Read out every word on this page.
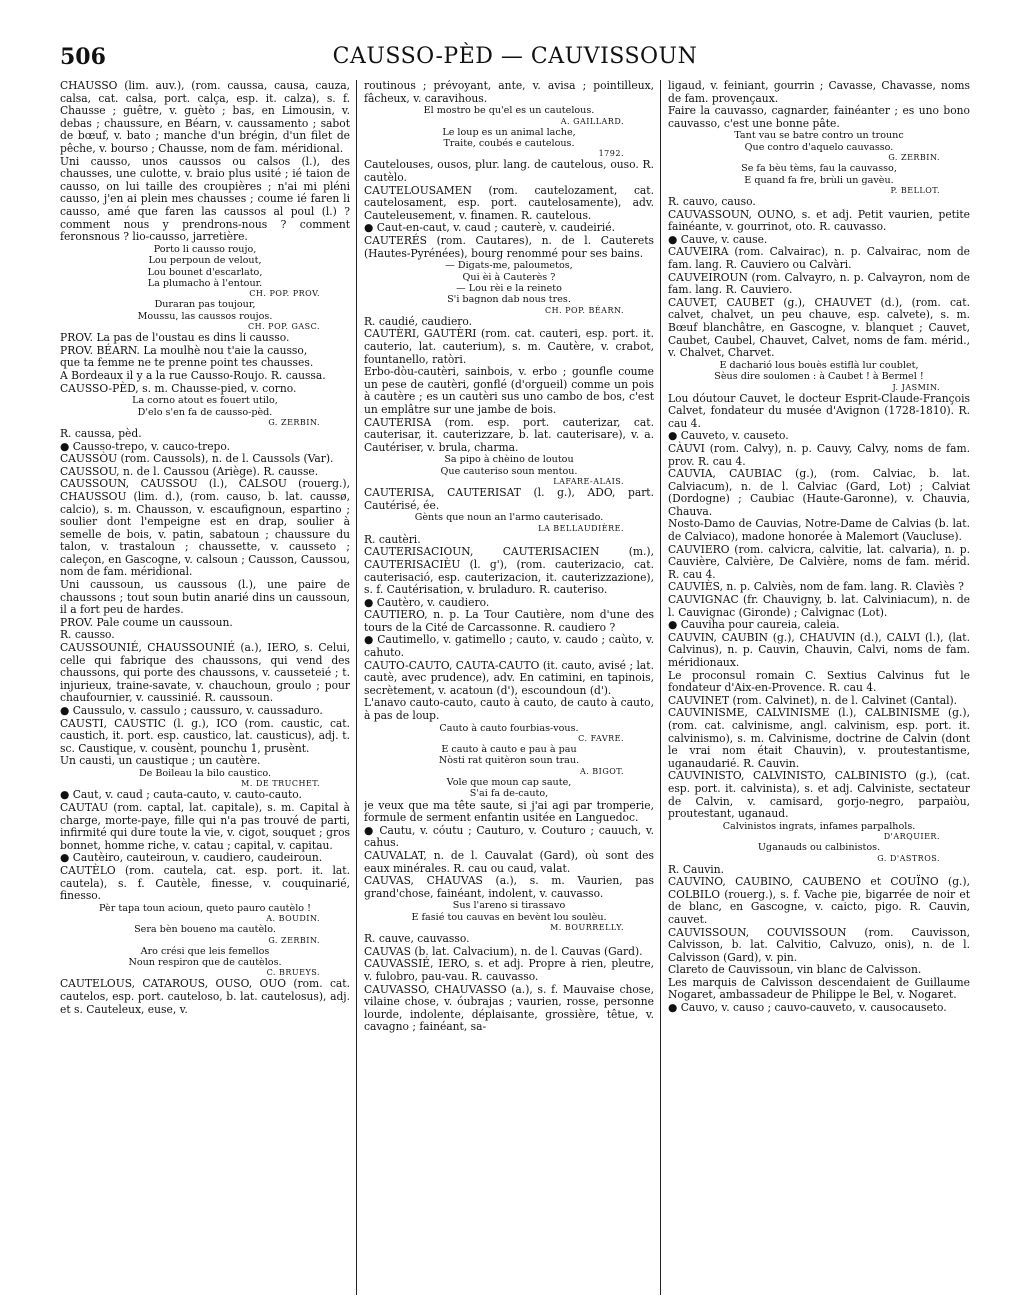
506	CAUSSO-PÈD — CAUVISSOUN
CHAUSSO (lim. auv.), (rom. caussa, causa, cauza, calsa, cat. calsa, port. calça, esp. it. calza), s. f. Chausse ; guêtre, v. guèto ; bas, en Limousin, v. debas ; chaussure, en Béarn, v. caussamento ; sabot de bœuf, v. bato ; manche d'un brégin, d'un filet de pêche, v. bourso ; Chausse, nom de fam. méridional.
Uni causso, unos caussos ou calsos (l.), des chausses, une culotte, v. braio plus usité ; ié taion de causso, on lui taille des croupières ; n'ai mi pléni causso, j'en ai plein mes chausses ; coume ié faren li causso, amé que faren las caussos al poul (l.) ? comment nous y prendrons-nous ? comment feronsnous ? lio-causso, jarretière.
Porto li causso roujo,
Lou perpoun de velout,
Lou bounet d'escarlato,
La plumacho à l'entour.
CH. POP. PROV.
Duraran pas toujour,
Moussu, las caussos roujos.
CH. POP. GASC.
PROV. La pas de l'oustau es dins li causso.
PROV. BÉARN. La moulhè nou t'aie la causso,
que ta femme ne te prenne point tes chausses.
A Bordeaux il y a la rue Causso-Roujo. R. caussa.
CAUSSO-PÈD, s. m. Chausse-pied, v. corno.
La corno atout es fouert utilo,
D'elo s'en fa de causso-pèd.
G. ZERBIN.
R. caussa, pèd.
● Causso-trepo, v. cauco-trepo.
CAUSSÒU (rom. Caussols), n. de l. Caussols (Var).
CAUSSOU, n. de l. Caussou (Ariège). R. causse.
CAUSSOUN, CAUSSOU (l.), CALSOU (rouerg.), CHAUSSOU (lim. d.), (rom. causo, b. lat. caussø, calcio), s. m. Chausson, v. escaufignoun, espartino ; soulier dont l'empeigne est en drap, soulier à semelle de bois, v. patin, sabatoun ; chaussure du talon, v. trastaloun ; chaussette, v. causseto ; caleçon, en Gascogne, v. calsoun ; Causson, Caussou, nom de fam. méridional.
Uni caussoun, us caussous (l.), une paire de chaussons ; tout soun butin anarié dins un caussoun, il a fort peu de hardes.
PROV. Pale coume un caussoun.
R. causso.
CAUSSOUNIÉ, CHAUSSOUNIÉ (a.), IERO, s. Celui, celle qui fabrique des chaussons, qui vend des chaussons, qui porte des chaussons, v. causseteié ; t. injurieux, traine-savate, v. chauchoun, groulo ; pour chaufournier, v. caussinié. R. caussoun.
● Caussulo, v. cassulo ; caussuro, v. caussaduro.
CAUSTI, CAUSTIC (l. g.), ICO (rom. caustic, cat. caustich, it. port. esp. caustico, lat. causticus), adj. t. sc. Caustique, v. cousènt, pounchu 1, prusènt.
Un causti, un caustique ; un cautère.
De Boileau la bilo caustico.
M. DE TRUCHET.
● Caut, v. caud ; cauta-cauto, v. cauto-cauto.
CAUTAU (rom. captal, lat. capitale), s. m. Capital à charge, morte-paye, fille qui n'a pas trouvé de parti, infirmité qui dure toute la vie, v. cigot, souquet ; gros bonnet, homme riche, v. catau ; capital, v. capitau.
● Cautèiro, cauteiroun, v. caudiero, caudeiroun.
CAUTÈLO (rom. cautela, cat. esp. port. it. lat. cautela), s. f. Cautèle, finesse, v. couquinarié, finesso.
Pèr tapa toun acioun, queto pauro cautèlo !
A. BOUDIN.
Sera bèn boueno ma cautèlo.
G. ZERBIN.
Aro crési que leis femellos
Noun respiron que de cautèlos.
C. BRUEYS.
CAUTELOUS, CATAROUS, OUSO, OUO (rom. cat. cautelos, esp. port. cauteloso, b. lat. cautelosus), adj. et s. Cauteleux, euse, v.
routinous ; prévoyant, ante, v. avisa ; pointilleux, fâcheux, v. caravihous.
El mostro be qu'el es un cautelous.
A. GAILLARD.
Le loup es un animal lache,
Traite, coubés e cautelous.
1792.
Cautelouses, ousos, plur. lang. de cautelous, ouso. R. cautèlo.
CAUTELOUSAMEN (rom. cautelozament, cat. cautelosament, esp. port. cautelosamente), adv. Cauteleusement, v. finamen. R. cautelous.
● Caut-en-caut, v. caud ; cauterè, v. caudeirié.
CAUTERÉS (rom. Cautares), n. de l. Cauterets (Hautes-Pyrénées), bourg renommé pour ses bains.
— Digats-me, paloumetos,
Qui èi à Cauterès ?
— Lou rèi e la reineto
S'i bagnon dab nous tres.
CH. POP. BÉARN.
R. caudié, caudiero.
CAUTÈRI, GAUTÈRI (rom. cat. cauteri, esp. port. it. cauterio, lat. cauterium), s. m. Cautère, v. crabot, fountanello, ratòri.
Erbo-dòu-cautèri, sainbois, v. erbo ; gounfle coume un pese de cautèri, gonflé (d'orgueil) comme un pois à cautère ; es un cautèri sus uno cambo de bos, c'est un emplâtre sur une jambe de bois.
CAUTERISA (rom. esp. port. cauterizar, cat. cauterisar, it. cauterizzare, b. lat. cauterisare), v. a. Cautériser, v. brula, charma.
Sa pipo à chèino de loutou
Que cauteriso soun mentou.
LAFARE-ALAIS.
CAUTERISA, CAUTERISAT (l. g.), ADO, part. Cautérisé, ée.
Gènts que noun an l'armo cauterisado.
LA BELLAUDIÈRE.
R. cautèri.
CAUTERISACIOUN, CAUTERISACIEN (m.), CAUTERISACIÈU (l. g'), (rom. cauterizacio, cat. cauterisació, esp. cauterizacion, it. cauterizzazione), s. f. Cautérisation, v. bruladuro. R. cauteriso.
● Cautèro, v. caudiero.
CAUTIERO, n. p. La Tour Cautière, nom d'une des tours de la Cité de Carcassonne. R. caudiero ?
● Cautimello, v. gatimello ; cauto, v. caudo ; caùto, v. cahuto.
CAUTO-CAUTO, CAUTA-CAUTO (it. cauto, avisé ; lat. cautè, avec prudence), adv. En catimini, en tapinois, secrètement, v. acatoun (d'), escoundoun (d').
L'anavo cauto-cauto, cauto à cauto, de cauto à cauto, à pas de loup.
Cauto à cauto fourbias-vous.
C. FAVRE.
E cauto à cauto e pau à pau
Nòsti rat quitèron soun trau.
A. BIGOT.
Vole que moun cap saute,
S'ai fa de-cauto,
je veux que ma tête saute, si j'ai agi par tromperie, formule de serment enfantin usitée en Languedoc.
● Cautu, v. cóutu ; Cauturo, v. Couturo ; cauuch, v. cahus.
CAUVALAT, n. de l. Cauvalat (Gard), où sont des eaux minérales. R. cau ou caud, valat.
CAUVAS, CHAUVAS (a.), s. m. Vaurien, pas grand'chose, fainéant, indolent, v. cauvasso.
Sus l'areno si tirassavo
E fasié tou cauvas en bevènt lou soulèu.
M. BOURRELLY.
R. cauve, cauvasso.
CAUVAS (b. lat. Calvacium), n. de l. Cauvas (Gard).
CAUVASSIÉ, IERO, s. et adj. Propre à rien, pleutre, v. fulobro, pau-vau. R. cauvasso.
CAUVASSO, CHAUVASSO (a.), s. f. Mauvaise chose, vilaine chose, v. óubrajas ; vaurien, rosse, personne lourde, indolente, déplaisante, grossière, têtue, v. cavagno ; fainéant, sa-
ligaud, v. feiniant, gourrin ; Cavasse, Chavasse, noms de fam. provençaux.
Faire la cauvasso, cagnarder, fainéanter ; es uno bono cauvasso, c'est une bonne pâte.
Tant vau se batre contro un trounc
Que contro d'aquelo cauvasso.
G. ZERBIN.
Se fa bèu tèms, fau la cauvasso,
E quand fa fre, brùli un gavèu.
P. BELLOT.
R. cauvo, causo.
CAUVASSOUN, OUNO, s. et adj. Petit vaurien, petite fainéante, v. gourrinot, oto. R. cauvasso.
● Cauve, v. cause.
CAUVEIRA (rom. Calvairac), n. p. Calvairac, nom de fam. lang. R. Cauviero ou Calvàri.
CAUVEIROUN (rom. Calvayro, n. p. Calvayron, nom de fam. lang. R. Cauviero.
CAUVET, CAUBET (g.), CHAUVET (d.), (rom. cat. calvet, chalvet, un peu chauve, esp. calvete), s. m. Bœuf blanchâtre, en Gascogne, v. blanquet ; Cauvet, Caubet, Caubel, Chauvet, Calvet, noms de fam. mérid., v. Chalvet, Charvet.
E dacharió lous bouès estiflà lur coublet,
Sèus dire soulomen : à Caubet ! à Bermel !
J. JASMIN.
Lou dóutour Cauvet, le docteur Esprit-Claude-François Calvet, fondateur du musée d'Avignon (1728-1810). R. cau 4.
● Cauveto, v. causeto.
CÀUVI (rom. Calvy), n. p. Cauvy, Calvy, noms de fam. prov. R. cau 4.
CAUVIA, CAUBIAC (g.), (rom. Calviac, b. lat. Calviacum), n. de l. Calviac (Gard, Lot) ; Calviat (Dordogne) ; Caubiac (Haute-Garonne), v. Chauvia, Chauva.
Nosto-Damo de Cauvias, Notre-Dame de Calvias (b. lat. de Calviaco), madone honorée à Malemort (Vaucluse).
CAUVIERO (rom. calvicra, calvitie, lat. calvaria), n. p. Cauvière, Calvière, De Calvière, noms de fam. mérid. R. cau 4.
CAUVIÈS, n. p. Calviès, nom de fam. lang. R. Clavìès ?
CAUVIGNAC (fr. Chauvigny, b. lat. Calviniacum), n. de l. Cauvignac (Gironde) ; Calvignac (Lot).
● Cauviha pour caureia, caleia.
CAUVIN, CAUBIN (g.), CHAUVIN (d.), CALVI (l.), (lat. Calvinus), n. p. Cauvin, Chauvin, Calvi, noms de fam. méridionaux.
Le proconsul romain C. Sextius Calvinus fut le fondateur d'Aix-en-Provence. R. cau 4.
CAUVINET (rom. Calvinet), n. de l. Calvinet (Cantal).
CAUVINISME, CALVINISME (l.), CALBINISME (g.), (rom. cat. calvinisme, angl. calvinism, esp. port. it. calvinismo), s. m. Calvinisme, doctrine de Calvin (dont le vrai nom était Chauvin), v. proutestantisme, uganaudarié. R. Cauvin.
CAUVINISTO, CALVINISTO, CALBINISTO (g.), (cat. esp. port. it. calvinista), s. et adj. Calviniste, sectateur de Calvin, v. camisard, gorjo-negro, parpaiòu, proutestant, uganaud.
Calvinistos ingrats, infames parpalhols.
D'ARQUIER.
Uganauds ou calbinistos.
G. D'ASTROS.
R. Cauvin.
CAUVINO, CAUBINO, CAUBENO et COUÏNO (g.), COLBILO (rouerg.), s. f. Vache pie, bigarrée de noir et de blanc, en Gascogne, v. caicto, pigo. R. Cauvin, cauvet.
CAUVISSOUN, COUVISSOUN (rom. Cauvisson, Calvisson, b. lat. Calvitio, Calvuzo, onis), n. de l. Calvisson (Gard), v. pin.
Clareto de Cauvissoun, vin blanc de Calvisson.
Les marquis de Calvisson descendaient de Guillaume Nogaret, ambassadeur de Philippe le Bel, v. Nogaret.
● Cauvo, v. causo ; cauvo-cauveto, v. causocauseto.
